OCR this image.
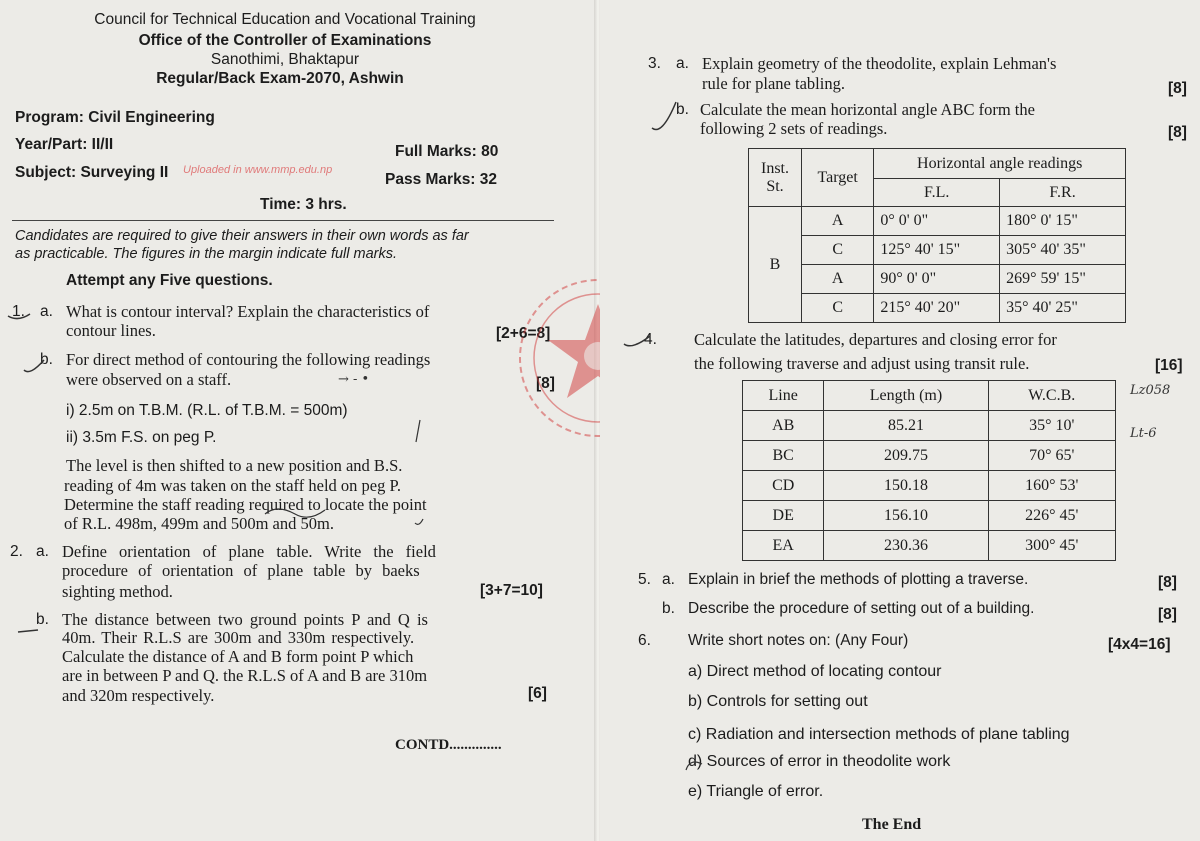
Council for Technical Education and Vocational Training
Office of the Controller of Examinations
Sanothimi, Bhaktapur
Regular/Back Exam-2070, Ashwin
Program: Civil Engineering
Year/Part: II/II	Full Marks: 80
Subject: Surveying II Uploaded in www.mmp.edu.np
Pass Marks: 32
Time: 3 hrs.
Candidates are required to give their answers in their own words as far
as practicable. The figures in the margin indicate full marks.
Attempt any Five questions.
1. a. What is contour interval? Explain the characteristics of
contour lines.	[2+6=8]
b. For direct method of contouring the following readings
were observed on a staff.	→ - •	[8]
i) 2.5m on T.B.M. (R.L. of T.B.M. = 500m)
ii) 3.5m F.S. on peg P.
The level is then shifted to a new position and B.S.
reading of 4m was taken on the staff held on peg P.
Determine the staff reading required to locate the point
of R.L. 498m, 499m and 500m and 50m.
2. a. Define orientation of plane table. Write the field
procedure of orientation of plane table by baeks
sighting method.	[3+7=10]
b. The distance between two ground points P and Q is
40m. Their R.L.S are 300m and 330m respectively.
Calculate the distance of A and B form point P which
are in between P and Q. the R.L.S of A and B are 310m
and 320m respectively.	[6]
CONTD..............
3. a. Explain geometry of the theodolite, explain Lehman's
rule for plane tabling.	[8]
b. Calculate the mean horizontal angle ABC form the
following 2 sets of readings.	[8]
Inst. St.	Target	Horizontal angle readings	
		F.L.	F.R.
B	A	0° 0' 0"	180° 0' 15"
	C	125° 40' 15"	305° 40' 35"
	A	90° 0' 0"	269° 59' 15"
	C	215° 40' 20"	35° 40' 25"
4. Calculate the latitudes, departures and closing error for
the following traverse and adjust using transit rule.	[16]
Lz058
Lt-6
Line	Length (m)	W.C.B.
AB	85.21	35° 10'
BC	209.75	70° 65'
CD	150.18	160° 53'
DE	156.10	226° 45'
EA	230.36	300° 45'
5. a. Explain in brief the methods of plotting a traverse.	[8]
b. Describe the procedure of setting out of a building.	[8]
6. Write short notes on: (Any Four)	[4x4=16]
a) Direct method of locating contour
b) Controls for setting out
c) Radiation and intersection methods of plane tabling
d) Sources of error in theodolite work
e) Triangle of error.
The End
